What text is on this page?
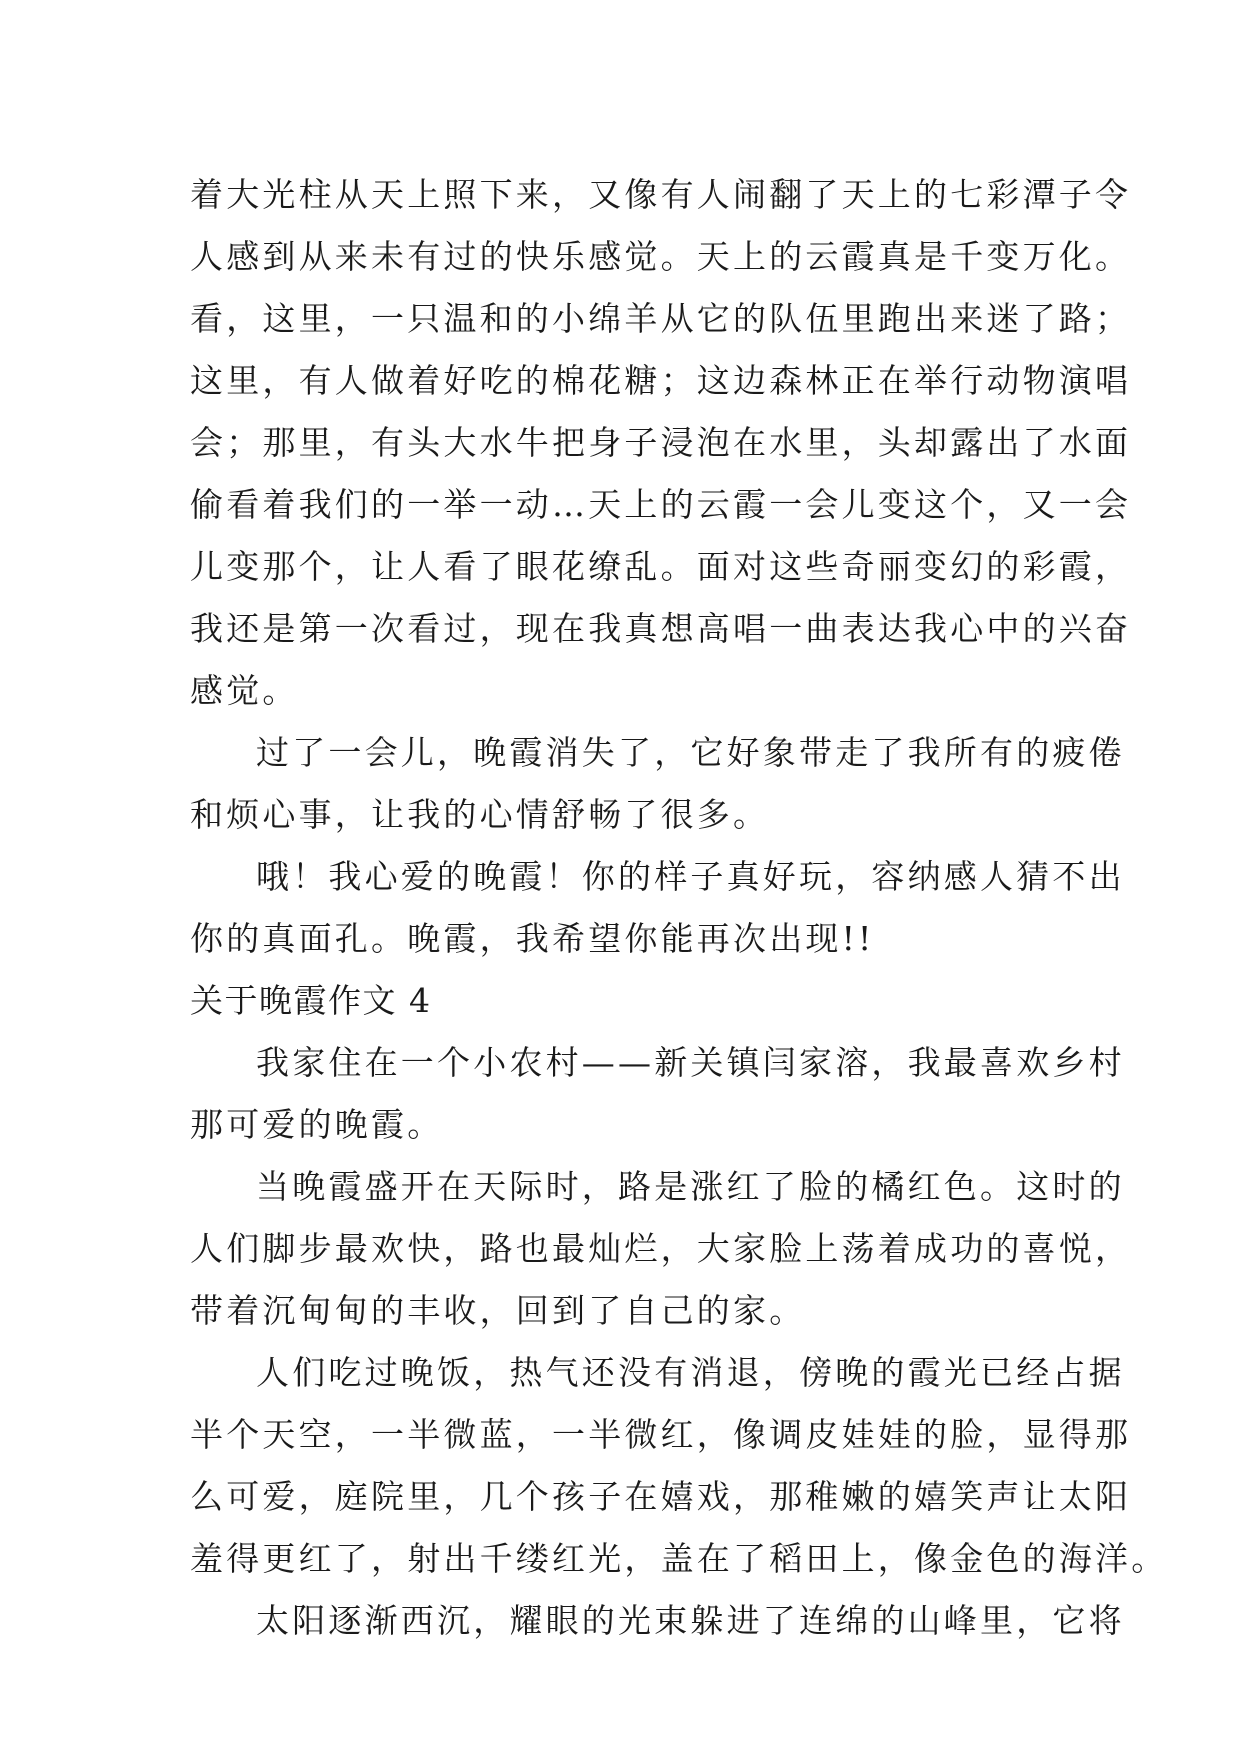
着大光柱从天上照下来，又像有人闹翻了天上的七彩潭子令
人感到从来未有过的快乐感觉。天上的云霞真是千变万化。
看，这里，一只温和的小绵羊从它的队伍里跑出来迷了路；
这里，有人做着好吃的棉花糖；这边森林正在举行动物演唱
会；那里，有头大水牛把身子浸泡在水里，头却露出了水面
偷看着我们的一举一动…天上的云霞一会儿变这个，又一会
儿变那个，让人看了眼花缭乱。面对这些奇丽变幻的彩霞，
我还是第一次看过，现在我真想高唱一曲表达我心中的兴奋
感觉。
过了一会儿，晚霞消失了，它好象带走了我所有的疲倦
和烦心事，让我的心情舒畅了很多。
哦！我心爱的晚霞！你的样子真好玩，容纳感人猜不出
你的真面孔。晚霞，我希望你能再次出现!!
关于晚霞作文 4
我家住在一个小农村——新关镇闫家溶，我最喜欢乡村
那可爱的晚霞。
当晚霞盛开在天际时，路是涨红了脸的橘红色。这时的
人们脚步最欢快，路也最灿烂，大家脸上荡着成功的喜悦，
带着沉甸甸的丰收，回到了自己的家。
人们吃过晚饭，热气还没有消退，傍晚的霞光已经占据
半个天空，一半微蓝，一半微红，像调皮娃娃的脸，显得那
么可爱，庭院里，几个孩子在嬉戏，那稚嫩的嬉笑声让太阳
羞得更红了，射出千缕红光，盖在了稻田上，像金色的海洋。
太阳逐渐西沉，耀眼的光束躲进了连绵的山峰里，它将
